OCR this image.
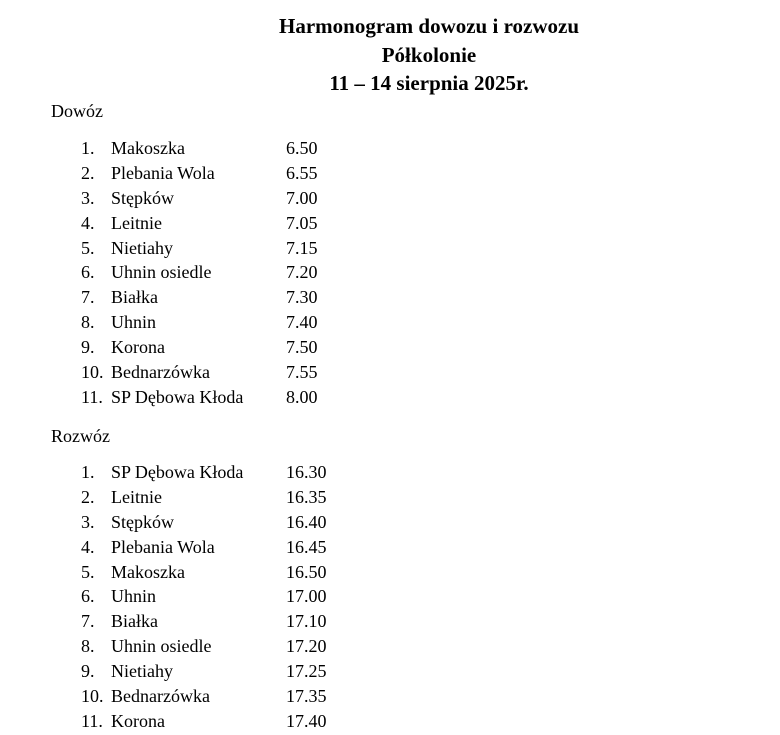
Harmonogram dowozu i rozwozu
Półkolonie
11 – 14 sierpnia 2025r.
Dowóz
1. Makoszka	6.50
2. Plebania Wola	6.55
3. Stępków	7.00
4. Leitnie	7.05
5. Nietiahy	7.15
6. Uhnin osiedle	7.20
7. Białka	7.30
8. Uhnin	7.40
9. Korona	7.50
10. Bednarzówka	7.55
11. SP Dębowa Kłoda 8.00
Rozwóz
1. SP Dębowa Kłoda 16.30
2. Leitnie	16.35
3. Stępków	16.40
4. Plebania Wola	16.45
5. Makoszka	16.50
6. Uhnin	17.00
7. Białka	17.10
8. Uhnin osiedle	17.20
9. Nietiahy	17.25
10. Bednarzówka	17.35
11. Korona	17.40
